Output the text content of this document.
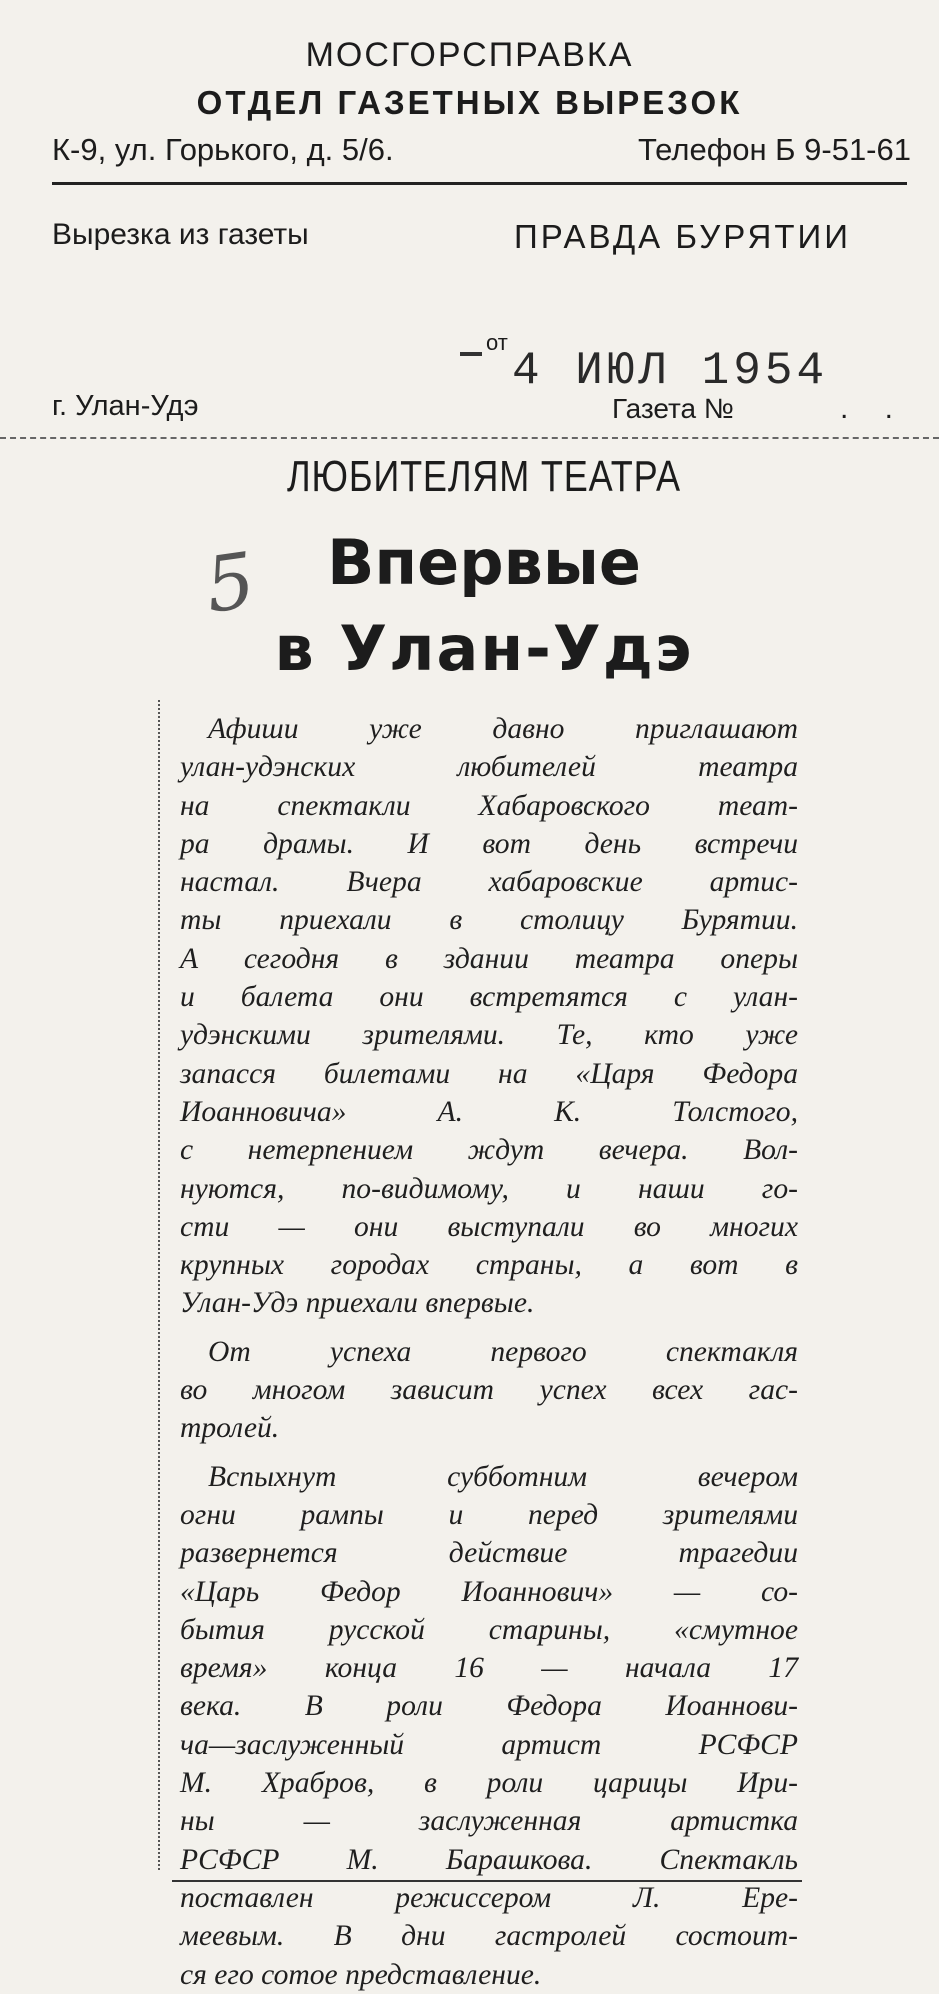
МОСГОРСПРАВКА
ОТДЕЛ ГАЗЕТНЫХ ВЫРЕЗОК
К-9, ул. Горького, д. 5/6.	Телефон Б 9-51-61
Вырезка из газеты	ПРАВДА БУРЯТИИ
г. Улан-Удэ
от
4 ИЮЛ 1954
Газета №	. .
ЛЮБИТЕЛЯМ ТЕАТРА
5	Впервые
в Улан-Удэ
Афиши уже давно приглашают
улан-удэнских любителей театра
на спектакли Хабаровского теат-
ра драмы. И вот день встречи
настал. Вчера хабаровские артис-
ты приехали в столицу Бурятии.
А сегодня в здании театра оперы
и балета они встретятся с улан-
удэнскими зрителями. Те, кто уже
запасся билетами на «Царя Федора
Иоанновича» А. К. Толстого,
с нетерпением ждут вечера. Вол-
нуются, по-видимому, и наши го-
сти — они выступали во многих
крупных городах страны, а вот в
Улан-Удэ приехали впервые.
От успеха первого спектакля
во многом зависит успех всех гас-
тролей.
Вспыхнут субботним вечером
огни рампы и перед зрителями
развернется действие трагедии
«Царь Федор Иоаннович» — со-
бытия русской старины, «смутное
время» конца 16 — начала 17
века. В роли Федора Иоаннови-
ча—заслуженный артист РСФСР
М. Храбров, в роли царицы Ири-
ны — заслуженная артистка
РСФСР М. Барашкова. Спектакль
поставлен режиссером Л. Ере-
меевым. В дни гастролей состоит-
ся его сотое представление.
